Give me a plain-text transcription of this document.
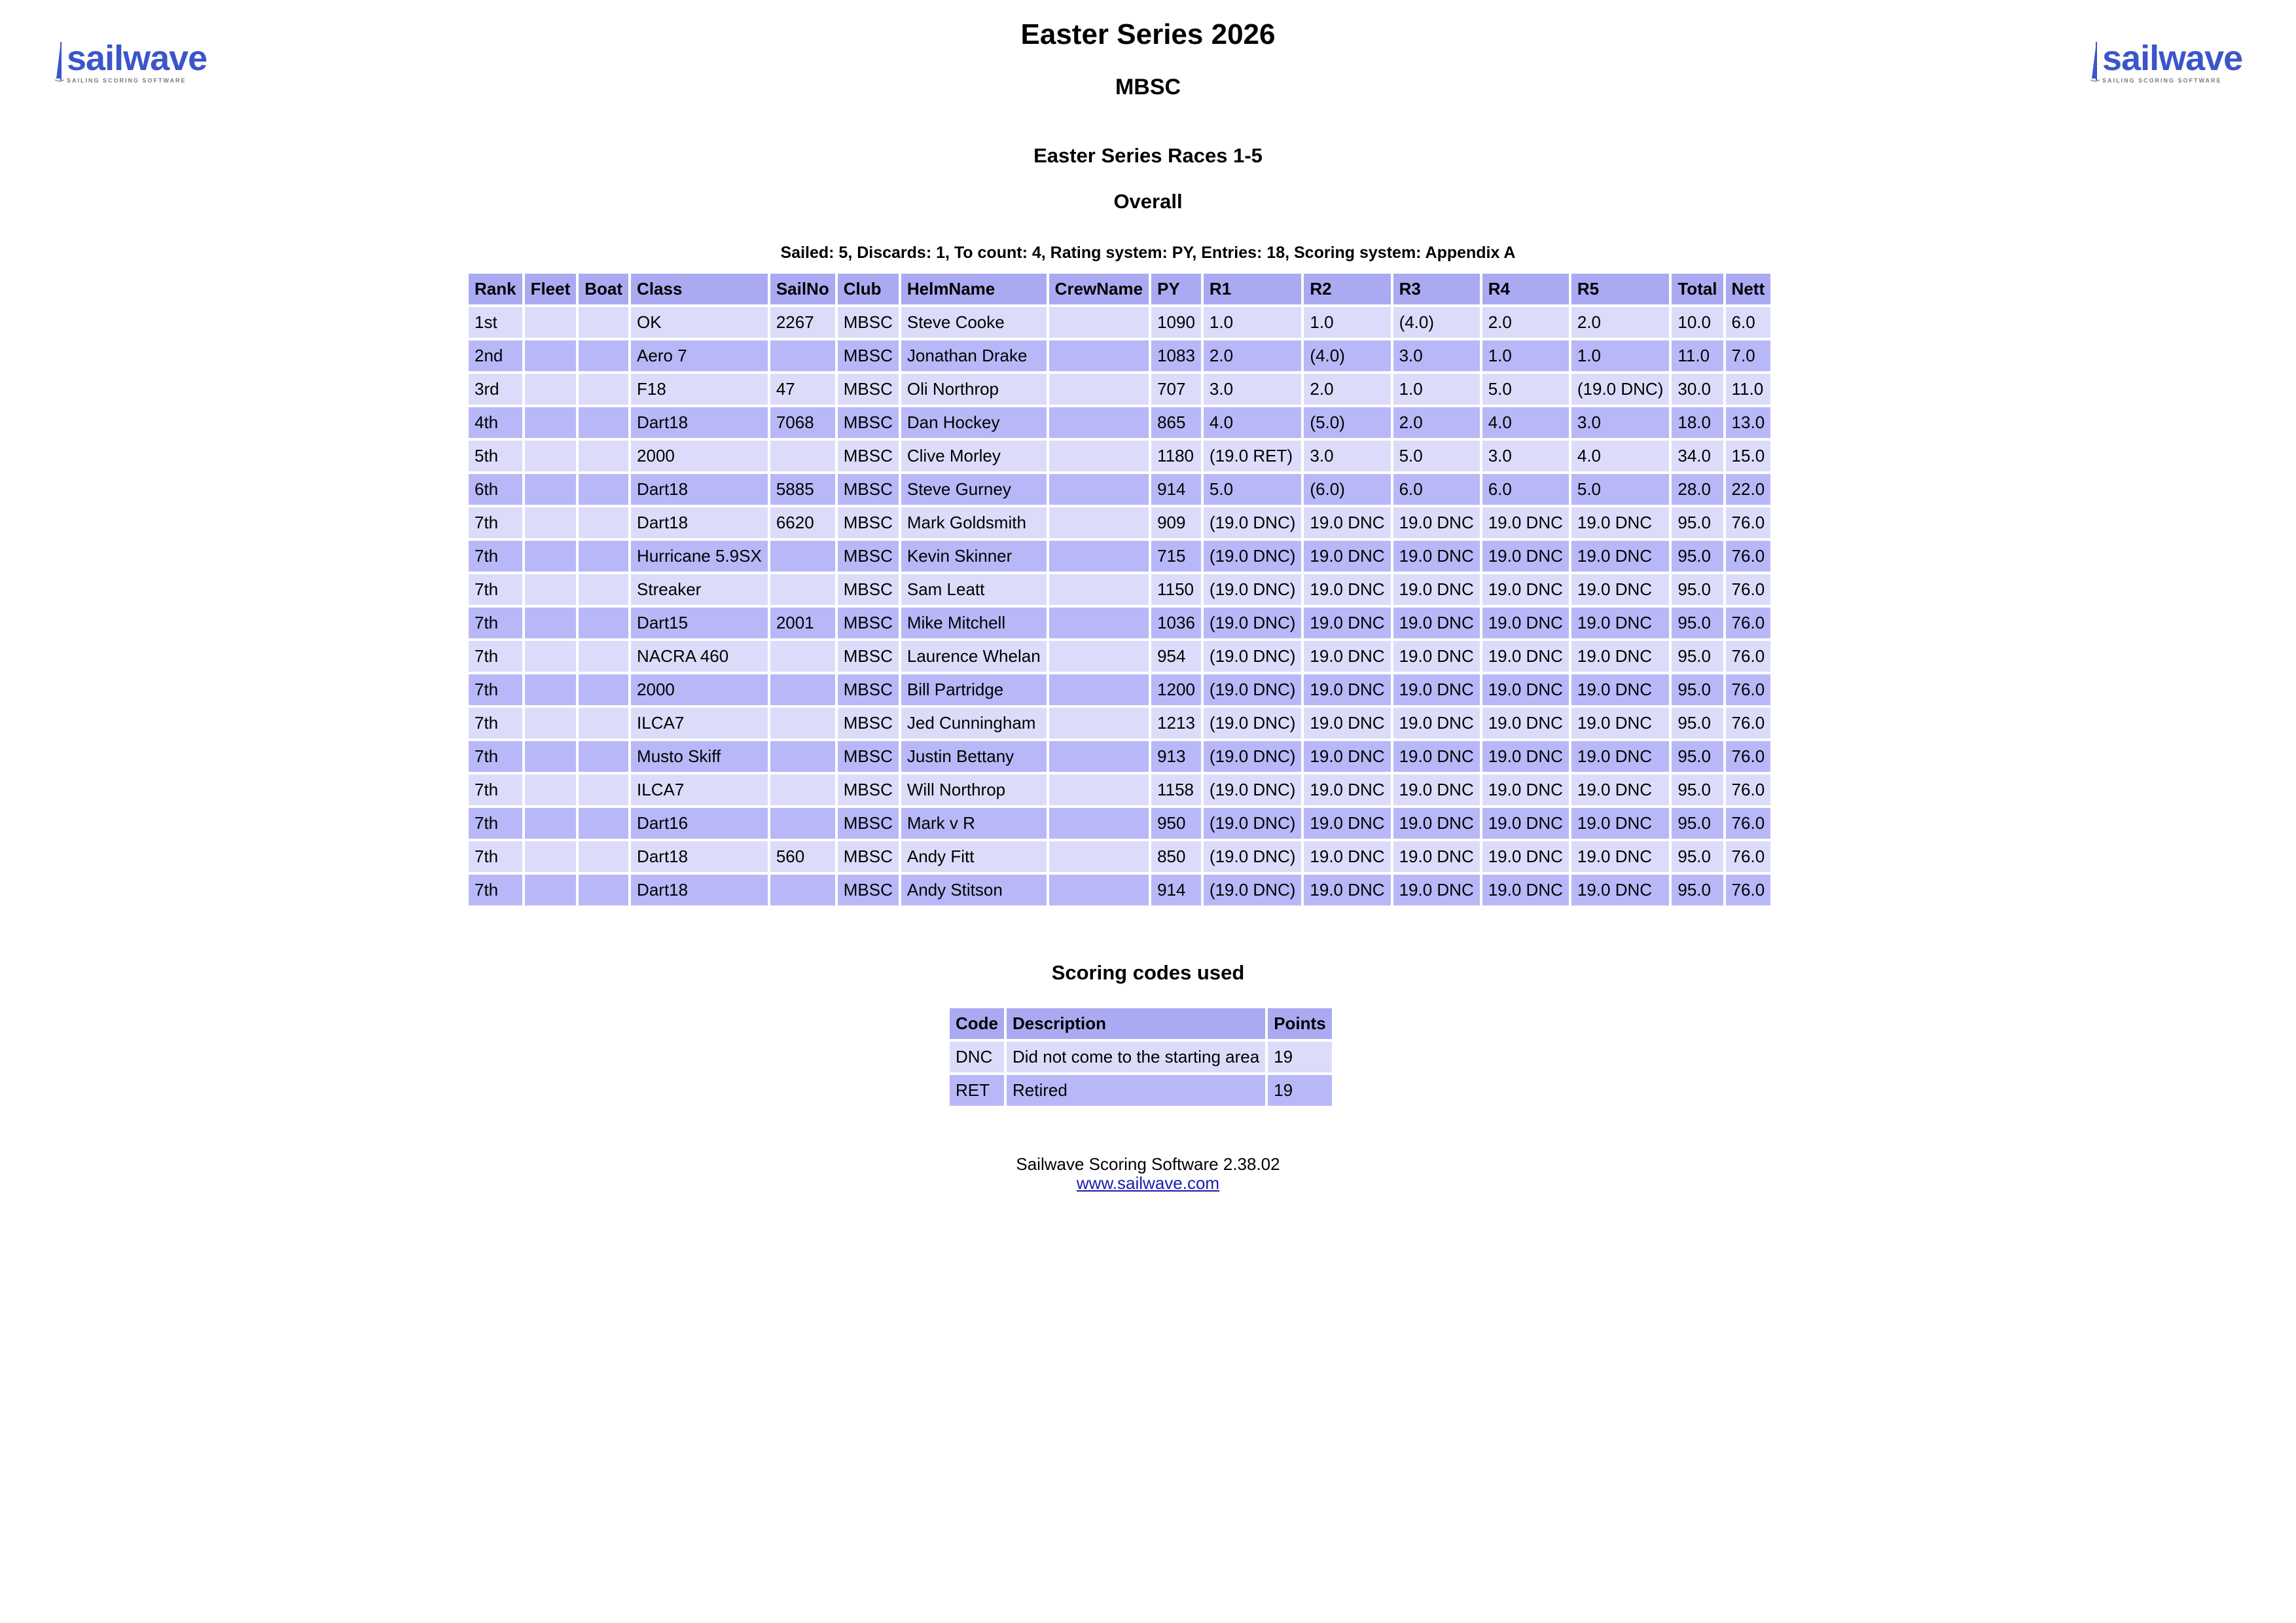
sailwave
SAILING SCORING SOFTWARE
sailwave
SAILING SCORING SOFTWARE
Easter Series 2026
MBSC
Easter Series Races 1-5
Overall
Sailed: 5, Discards: 1, To count: 4, Rating system: PY, Entries: 18, Scoring system: Appendix A
Rank	Fleet	Boat	Class	SailNo	Club	HelmName	CrewName	PY	R1	R2	R3	R4	R5	Total	Nett
1st			OK	2267	MBSC	Steve Cooke		1090	1.0	1.0	(4.0)	2.0	2.0	10.0	6.0
2nd			Aero 7		MBSC	Jonathan Drake		1083	2.0	(4.0)	3.0	1.0	1.0	11.0	7.0
3rd			F18	47	MBSC	Oli Northrop		707	3.0	2.0	1.0	5.0	(19.0 DNC)	30.0	11.0
4th			Dart18	7068	MBSC	Dan Hockey		865	4.0	(5.0)	2.0	4.0	3.0	18.0	13.0
5th			2000		MBSC	Clive Morley		1180	(19.0 RET)	3.0	5.0	3.0	4.0	34.0	15.0
6th			Dart18	5885	MBSC	Steve Gurney		914	5.0	(6.0)	6.0	6.0	5.0	28.0	22.0
7th			Dart18	6620	MBSC	Mark Goldsmith		909	(19.0 DNC)	19.0 DNC	19.0 DNC	19.0 DNC	19.0 DNC	95.0	76.0
7th			Hurricane 5.9SX		MBSC	Kevin Skinner		715	(19.0 DNC)	19.0 DNC	19.0 DNC	19.0 DNC	19.0 DNC	95.0	76.0
7th			Streaker		MBSC	Sam Leatt		1150	(19.0 DNC)	19.0 DNC	19.0 DNC	19.0 DNC	19.0 DNC	95.0	76.0
7th			Dart15	2001	MBSC	Mike Mitchell		1036	(19.0 DNC)	19.0 DNC	19.0 DNC	19.0 DNC	19.0 DNC	95.0	76.0
7th			NACRA 460		MBSC	Laurence Whelan		954	(19.0 DNC)	19.0 DNC	19.0 DNC	19.0 DNC	19.0 DNC	95.0	76.0
7th			2000		MBSC	Bill Partridge		1200	(19.0 DNC)	19.0 DNC	19.0 DNC	19.0 DNC	19.0 DNC	95.0	76.0
7th			ILCA7		MBSC	Jed Cunningham		1213	(19.0 DNC)	19.0 DNC	19.0 DNC	19.0 DNC	19.0 DNC	95.0	76.0
7th			Musto Skiff		MBSC	Justin Bettany		913	(19.0 DNC)	19.0 DNC	19.0 DNC	19.0 DNC	19.0 DNC	95.0	76.0
7th			ILCA7		MBSC	Will Northrop		1158	(19.0 DNC)	19.0 DNC	19.0 DNC	19.0 DNC	19.0 DNC	95.0	76.0
7th			Dart16		MBSC	Mark v R		950	(19.0 DNC)	19.0 DNC	19.0 DNC	19.0 DNC	19.0 DNC	95.0	76.0
7th			Dart18	560	MBSC	Andy Fitt		850	(19.0 DNC)	19.0 DNC	19.0 DNC	19.0 DNC	19.0 DNC	95.0	76.0
7th			Dart18		MBSC	Andy Stitson		914	(19.0 DNC)	19.0 DNC	19.0 DNC	19.0 DNC	19.0 DNC	95.0	76.0
Scoring codes used
Code	Description	Points
DNC	Did not come to the starting area	19
RET	Retired	19
Sailwave Scoring Software 2.38.02
www.sailwave.com
